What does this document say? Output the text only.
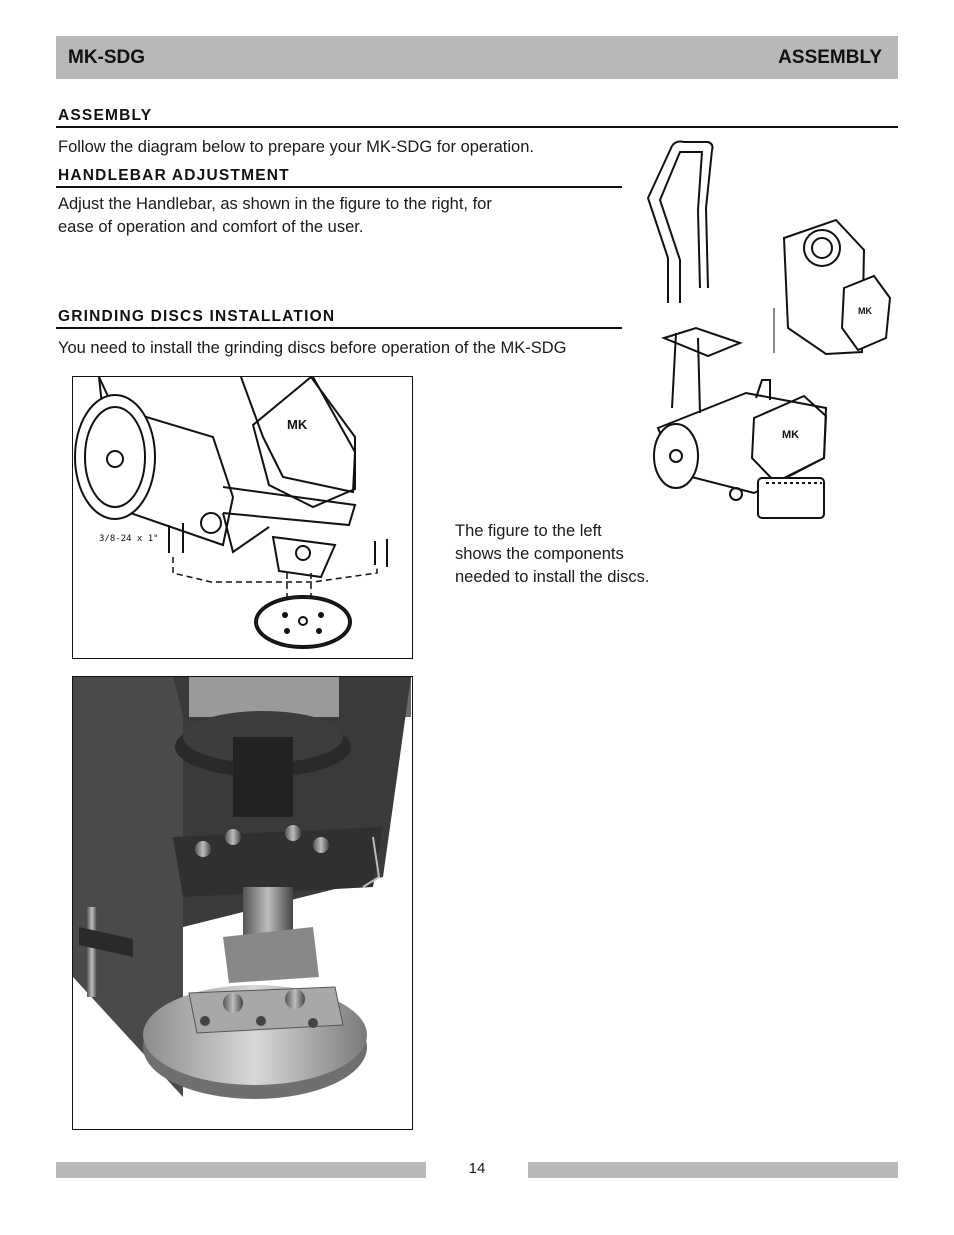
MK-SDG	ASSEMBLY
ASSEMBLY

Follow the diagram below to prepare your MK-SDG for operation.

HANDLEBAR ADJUSTMENT

Adjust the Handlebar, as shown in the figure to the right, for
ease of operation and comfort of the user.

GRINDING DISCS INSTALLATION

You need to install the grinding discs before operation of the MK-SDG

MK
MK
MK
3/8-24 x 1"	The figure to the left
shows the components
needed to install the discs.

14
